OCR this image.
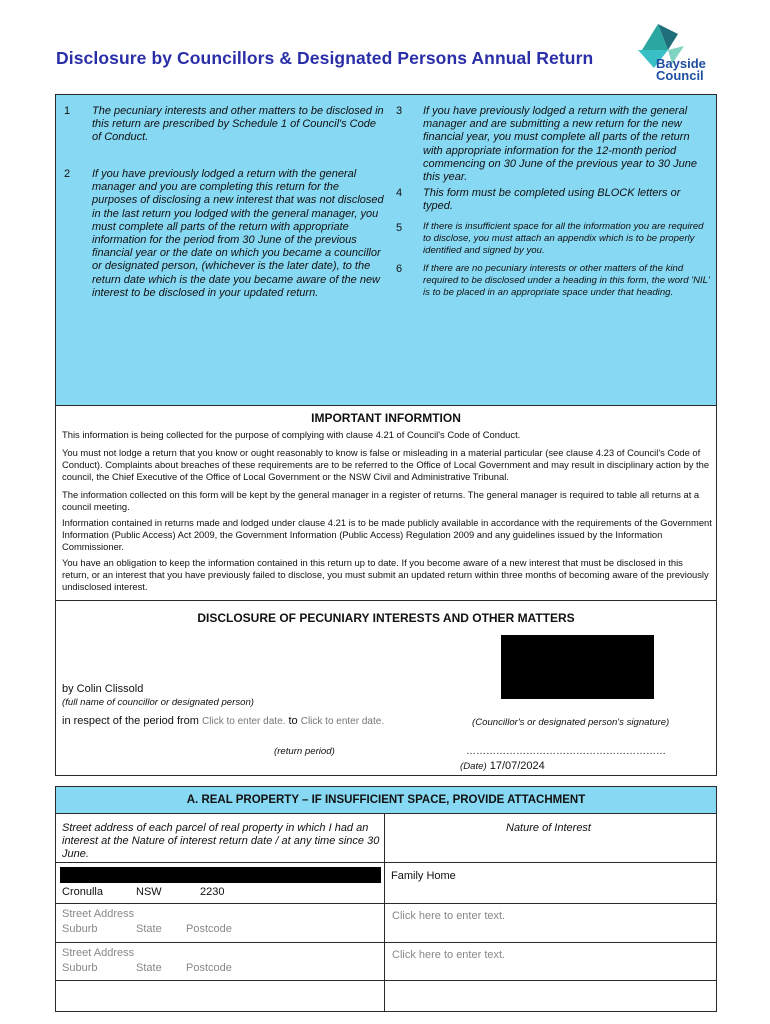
Disclosure by Councillors & Designated Persons Annual Return	Bayside
Council
1 The pecuniary interests and other matters to be disclosed in this return are prescribed by Schedule 1 of Council's Code of Conduct.
2 If you have previously lodged a return with the general manager and you are completing this return for the purposes of disclosing a new interest that was not disclosed in the last return you lodged with the general manager, you must complete all parts of the return with appropriate information for the period from 30 June of the previous financial year or the date on which you became a councillor or designated person, (whichever is the later date), to the return date which is the date you became aware of the new interest to be disclosed in your updated return.
3 If you have previously lodged a return with the general manager and are submitting a new return for the new financial year, you must complete all parts of the return with appropriate information for the 12-month period commencing on 30 June of the previous year to 30 June this year.
4 This form must be completed using BLOCK letters or typed.
5 If there is insufficient space for all the information you are required to disclose, you must attach an appendix which is to be properly identified and signed by you.
6 If there are no pecuniary interests or other matters of the kind required to be disclosed under a heading in this form, the word 'NIL' is to be placed in an appropriate space under that heading.
IMPORTANT INFORMTION
This information is being collected for the purpose of complying with clause 4.21 of Council's Code of Conduct.
You must not lodge a return that you know or ought reasonably to know is false or misleading in a material particular (see clause 4.23 of Council's Code of Conduct). Complaints about breaches of these requirements are to be referred to the Office of Local Government and may result in disciplinary action by the council, the Chief Executive of the Office of Local Government or the NSW Civil and Administrative Tribunal.
The information collected on this form will be kept by the general manager in a register of returns. The general manager is required to table all returns at a council meeting.
Information contained in returns made and lodged under clause 4.21 is to be made publicly available in accordance with the requirements of the Government Information (Public Access) Act 2009, the Government Information (Public Access) Regulation 2009 and any guidelines issued by the Information Commissioner.
You have an obligation to keep the information contained in this return up to date. If you become aware of a new interest that must be disclosed in this return, or an interest that you have previously failed to disclose, you must submit an updated return within three months of becoming aware of the previously undisclosed interest.
DISCLOSURE OF PECUNIARY INTERESTS AND OTHER MATTERS
by Colin Clissold
(full name of councillor or designated person)
in respect of the period from Click to enter date. to Click to enter date.	(Councillor's or designated person's signature)
(return period)	……………………………………………………
(Date) 17/07/2024
A. REAL PROPERTY – IF INSUFFICIENT SPACE, PROVIDE ATTACHMENT
Street address of each parcel of real property in which I had an interest at the Nature of interest return date / at any time since 30 June.
Nature of Interest
Cronulla	NSW	2230
Family Home
Street Address
Suburb	State Postcode
Click here to enter text.
Street Address
Suburb	State Postcode
Click here to enter text.
